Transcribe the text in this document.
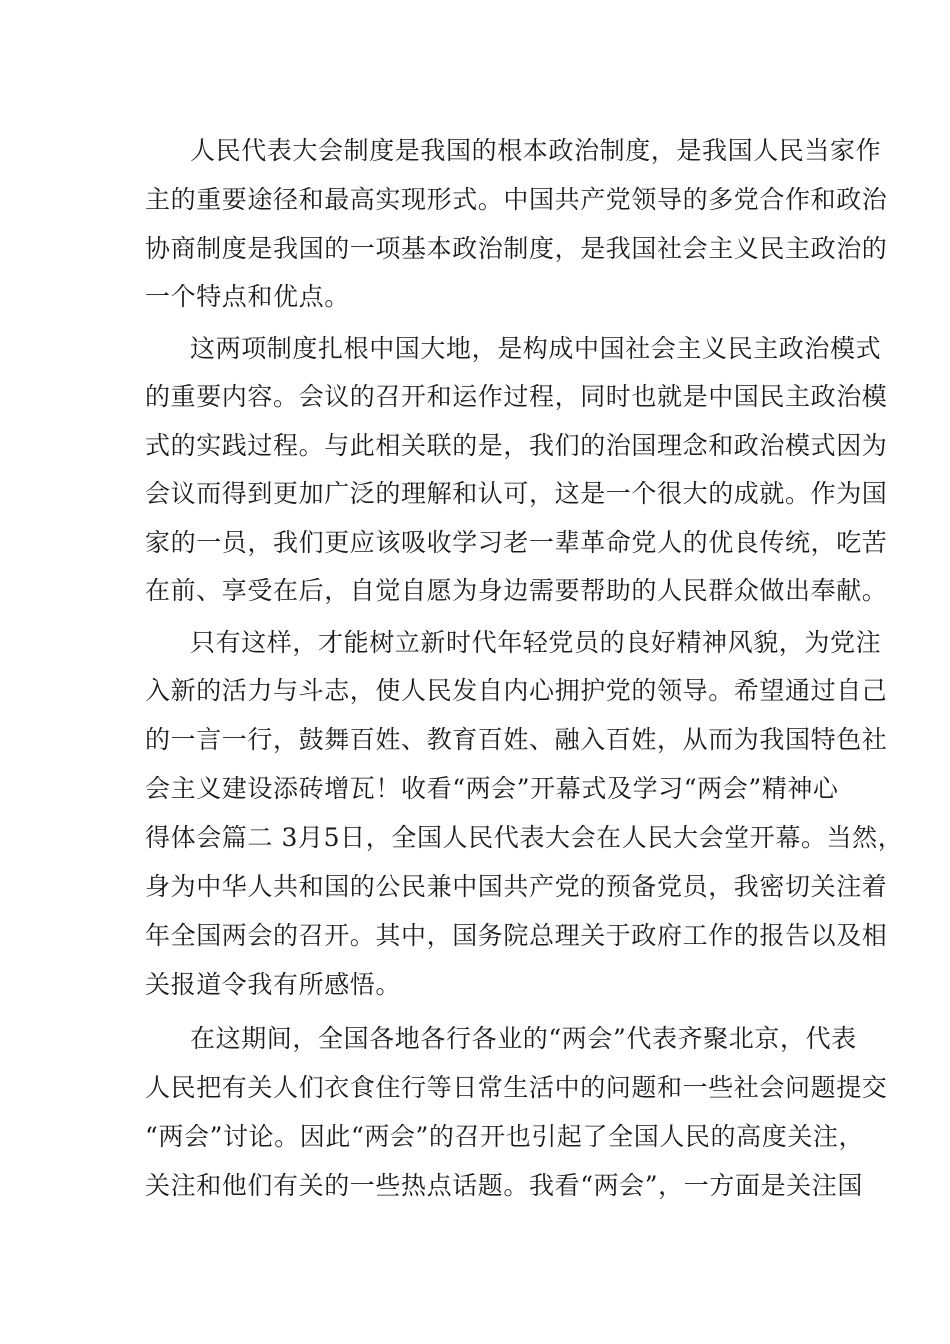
人民代表大会制度是我国的根本政治制度，是我国人民当家作
主的重要途径和最高实现形式。中国共产党领导的多党合作和政治
协商制度是我国的一项基本政治制度，是我国社会主义民主政治的
一个特点和优点。
这两项制度扎根中国大地，是构成中国社会主义民主政治模式
的重要内容。会议的召开和运作过程，同时也就是中国民主政治模
式的实践过程。与此相关联的是，我们的治国理念和政治模式因为
会议而得到更加广泛的理解和认可，这是一个很大的成就。作为国
家的一员，我们更应该吸收学习老一辈革命党人的优良传统，吃苦
在前、享受在后，自觉自愿为身边需要帮助的人民群众做出奉献。
只有这样，才能树立新时代年轻党员的良好精神风貌，为党注
入新的活力与斗志，使人民发自内心拥护党的领导。希望通过自己
的一言一行，鼓舞百姓、教育百姓、融入百姓，从而为我国特色社
会主义建设添砖增瓦！收看“两会”开幕式及学习“两会”精神心
得体会篇二 3月5日，全国人民代表大会在人民大会堂开幕。当然，
身为中华人共和国的公民兼中国共产党的预备党员，我密切关注着
年全国两会的召开。其中，国务院总理关于政府工作的报告以及相
关报道令我有所感悟。
在这期间，全国各地各行各业的“两会”代表齐聚北京，代表
人民把有关人们衣食住行等日常生活中的问题和一些社会问题提交
“两会”讨论。因此“两会”的召开也引起了全国人民的高度关注，
关注和他们有关的一些热点话题。我看“两会”，一方面是关注国
